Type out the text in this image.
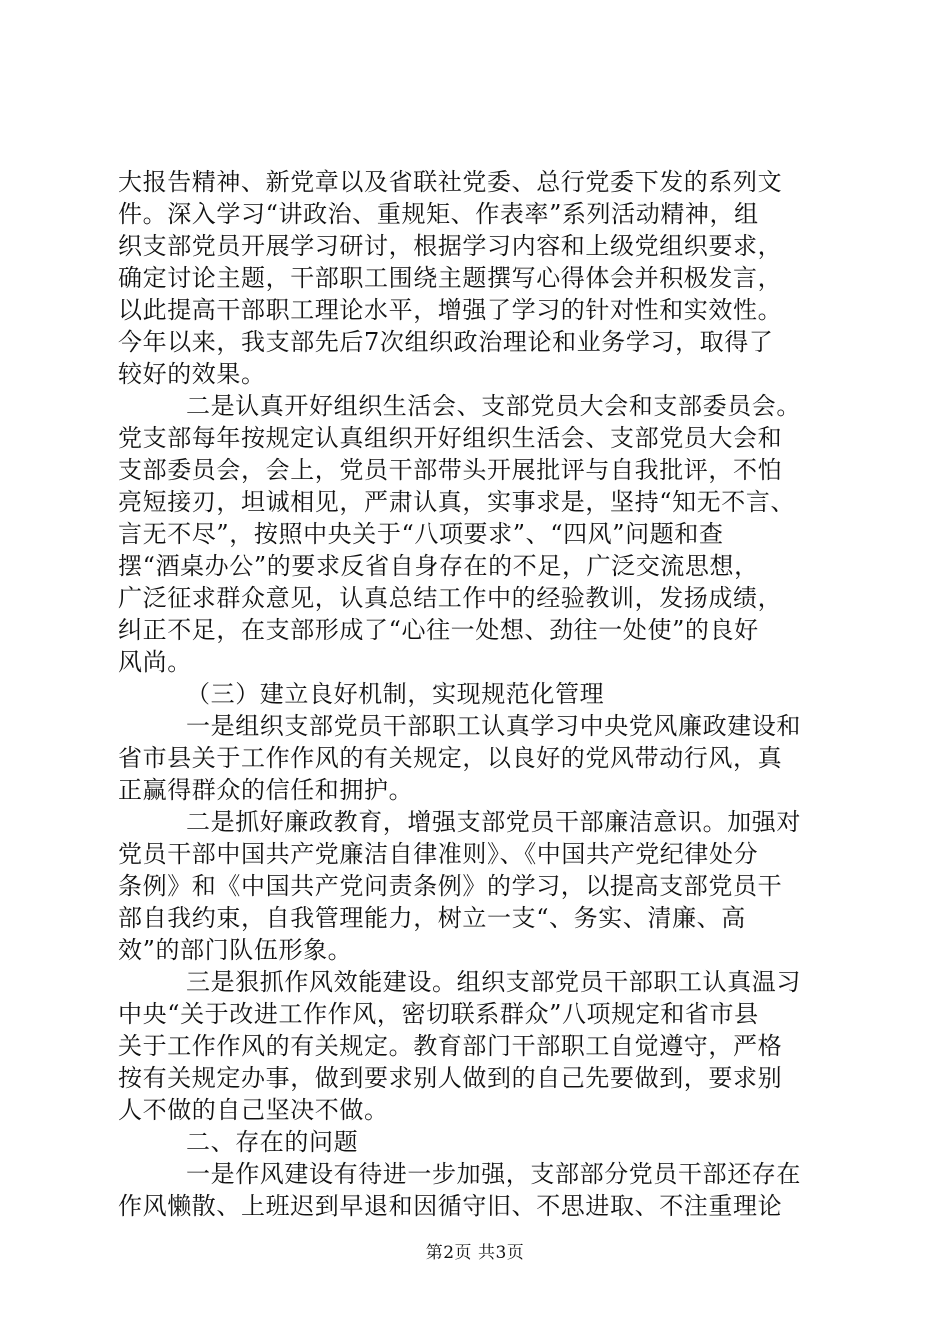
大报告精神、新党章以及省联社党委、总行党委下发的系列文
件。深入学习“讲政治、重规矩、作表率”系列活动精神，组
织支部党员开展学习研讨，根据学习内容和上级党组织要求，
确定讨论主题，干部职工围绕主题撰写心得体会并积极发言，
以此提高干部职工理论水平，增强了学习的针对性和实效性。
今年以来，我支部先后7次组织政治理论和业务学习，取得了
较好的效果。
二是认真开好组织生活会、支部党员大会和支部委员会。
党支部每年按规定认真组织开好组织生活会、支部党员大会和
支部委员会，会上，党员干部带头开展批评与自我批评，不怕
亮短接刃，坦诚相见，严肃认真，实事求是，坚持“知无不言、
言无不尽”，按照中央关于“八项要求”、“四风”问题和查
摆“酒桌办公”的要求反省自身存在的不足，广泛交流思想，
广泛征求群众意见，认真总结工作中的经验教训，发扬成绩，
纠正不足，在支部形成了“心往一处想、劲往一处使”的良好
风尚。
（三）建立良好机制，实现规范化管理
一是组织支部党员干部职工认真学习中央党风廉政建设和
省市县关于工作作风的有关规定，以良好的党风带动行风，真
正赢得群众的信任和拥护。
二是抓好廉政教育，增强支部党员干部廉洁意识。加强对
党员干部中国共产党廉洁自律准则》、《中国共产党纪律处分
条例》和《中国共产党问责条例》的学习，以提高支部党员干
部自我约束，自我管理能力，树立一支“、务实、清廉、高
效”的部门队伍形象。
三是狠抓作风效能建设。组织支部党员干部职工认真温习
中央“关于改进工作作风，密切联系群众”八项规定和省市县
关于工作作风的有关规定。教育部门干部职工自觉遵守，严格
按有关规定办事，做到要求别人做到的自己先要做到，要求别
人不做的自己坚决不做。
二、存在的问题
一是作风建设有待进一步加强，支部部分党员干部还存在
作风懒散、上班迟到早退和因循守旧、不思进取、不注重理论
第2页 共3页
